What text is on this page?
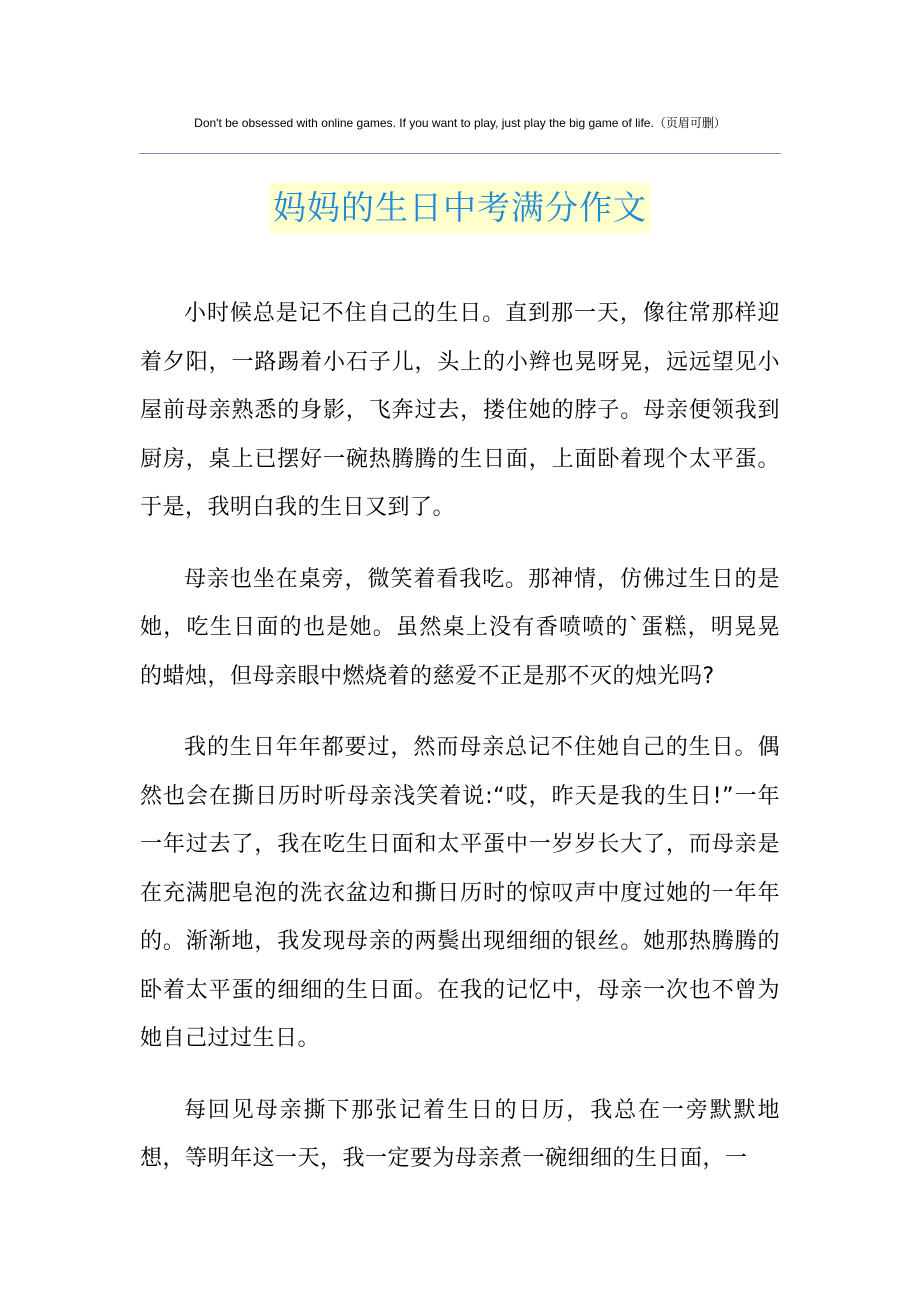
Don't be obsessed with online games. If you want to play, just play the big game of life.（页眉可删）
妈妈的生日中考满分作文

小时候总是记不住自己的生日。直到那一天，像往常那样迎着夕阳，一路踢着小石子儿，头上的小辫也晃呀晃，远远望见小屋前母亲熟悉的身影，飞奔过去，搂住她的脖子。母亲便领我到厨房，桌上已摆好一碗热腾腾的生日面，上面卧着现个太平蛋。于是，我明白我的生日又到了。

母亲也坐在桌旁，微笑着看我吃。那神情，仿佛过生日的是她，吃生日面的也是她。虽然桌上没有香喷喷的`蛋糕，明晃晃的蜡烛，但母亲眼中燃烧着的慈爱不正是那不灭的烛光吗?

我的生日年年都要过，然而母亲总记不住她自己的生日。偶然也会在撕日历时听母亲浅笑着说:“哎，昨天是我的生日!”一年一年过去了，我在吃生日面和太平蛋中一岁岁长大了，而母亲是在充满肥皂泡的洗衣盆边和撕日历时的惊叹声中度过她的一年年的。渐渐地，我发现母亲的两鬓出现细细的银丝。她那热腾腾的卧着太平蛋的细细的生日面。在我的记忆中，母亲一次也不曾为她自己过过生日。

每回见母亲撕下那张记着生日的日历，我总在一旁默默地想，等明年这一天，我一定要为母亲煮一碗细细的生日面，一
